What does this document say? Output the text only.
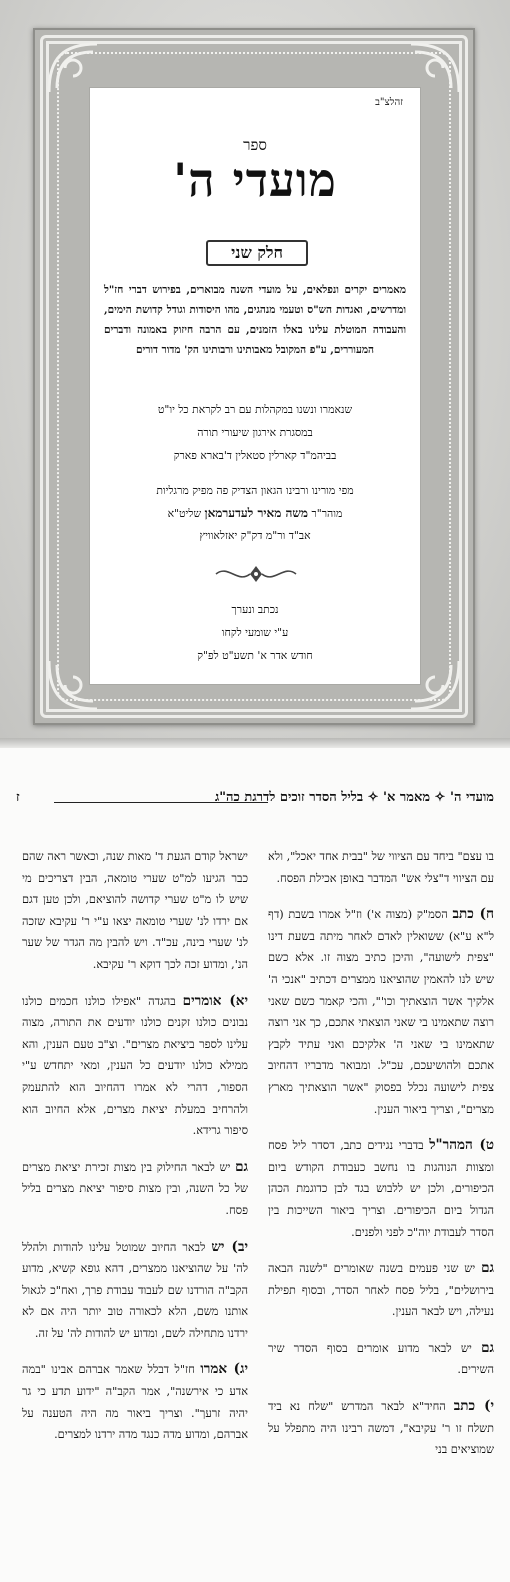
זהלצ"ב
ספר
מועדי ה'
חלק שני
מאמרים יקרים ונפלאים, על מועדי השנה מבוארים, בפירוש דברי חז"ל ומדרשים, ואגדות הש"ס וטעמי מנהגים, מהו היסודות וגודל קדושת הימים, והעבודה המוטלת עלינו באלו הזמנים, עם הרבה חיזוק באמונה ודברים המעוררים, ע"פ המקובל מאבותינו ורבותינו הק' מדור דורים
שנאמרו ונשנו במקהלות עם רב לקראת כל יו"ט
במסגרת אירגון שיעורי תורה
בביהמ"ד קארלין סטאלין ד'בארא פארק
מפי מורינו ורבינו הגאון הצדיק פה מפיק מרגליות
מוהר"ר משה מאיר לעדערמאן שליט"א
אב"ד ור"מ דק"ק יאזלאוויץ
נכתב ונערך
ע"י שומעי לקחו
חודש אדר א' תשע"ט לפ"ק
מועדי ה' ✧ מאמר א' ✧ בליל הסדר זוכים לדרגת כה"ג
ז

בו עצם" ביחד עם הציווי של "בבית אחד יאכל", ולא עם הציווי ד"צלי אש" המדבר באופן אכילת הפסח.

ח) כתב הסמ"ק (מצוה א') וז"ל אמרו בשבת (דף ל"א ע"א) ששואלין לאדם לאחר מיתה בשעת דינו "צפית לישועה", והיכן כתיב מצוה זו. אלא כשם שיש לנו להאמין שהוציאנו ממצרים דכתיב "אנכי ה' אלקיך אשר הוצאתיך וכו'", והכי קאמר כשם שאני רוצה שתאמינו בי שאני הוצאתי אתכם, כך אני רוצה שתאמינו בי שאני ה' אלקיכם ואני עתיד לקבץ אתכם ולהושיעכם, עכ"ל. ומבואר מדבריו דהחיוב צפית לישועה נכלל בפסוק "אשר הוצאתיך מארץ מצרים", וצריך ביאור הענין.

ט) המהר"ל בדברי נגידים כתב, דסדר ליל פסח ומצוות הנוהגות בו נחשב כעבודת הקודש ביום הכיפורים, ולכן יש ללבוש בגד לבן כדוגמת הכהן הגדול ביום הכיפורים. וצריך ביאור השייכות בין הסדר לעבודת יוה"כ לפני ולפנים.

גם יש שני פעמים בשנה שאומרים "לשנה הבאה בירושלים", בליל פסח לאחר הסדר, ובסוף תפילת נעילה, ויש לבאר הענין.

גם יש לבאר מדוע אומרים בסוף הסדר שיר השירים.

י) כתב החיד"א לבאר המדרש "שלח נא ביד תשלח זו ר' עקיבא", דמשה רבינו היה מתפלל על שמוציאים בני

ישראל קודם הגעת ד' מאות שנה, וכאשר ראה שהם כבר הגיעו למ"ט שערי טומאה, הבין דצריכים מי שיש לו מ"ט שערי קדושה להוציאם, ולכן טען דגם אם ירדו לנ' שערי טומאה יצאו ע"י ר' עקיבא שזכה לנ' שערי בינה, עכ"ד. ויש להבין מה הגדר של שער הנ', ומדוע זכה לכך דוקא ר' עקיבא.

יא) אומרים בהגדה "אפילו כולנו חכמים כולנו נבונים כולנו זקנים כולנו יודעים את התורה, מצוה עלינו לספר ביציאת מצרים". וצ"ב טעם הענין, והא ממילא כולנו יודעים כל הענין, ומאי יתחדש ע"י הספור, דהרי לא אמרו דהחיוב הוא להתעמק ולהרחיב במעלת יציאת מצרים, אלא החיוב הוא סיפור גרידא.

גם יש לבאר החילוק בין מצות זכירת יציאת מצרים של כל השנה, ובין מצות סיפור יציאת מצרים בליל פסח.

יב) יש לבאר החיוב שמוטל עלינו להודות ולהלל לה' על שהוציאנו ממצרים, דהא גופא קשיא, מדוע הקב"ה הורדנו שם לעבוד עבודת פרך, ואח"כ לגאול אותנו משם, הלא לכאורה טוב יותר היה אם לא ירדנו מתחילה לשם, ומדוע יש להודות לה' על זה.

יג) אמרו חז"ל דבלל שאמר אברהם אבינו "במה אדע כי אירשנה", אמר הקב"ה "ידוע תדע כי גר יהיה זרעך". וצריך ביאור מה היה הטענה על אברהם, ומדוע מדה כנגד מדה ירדנו למצרים.
